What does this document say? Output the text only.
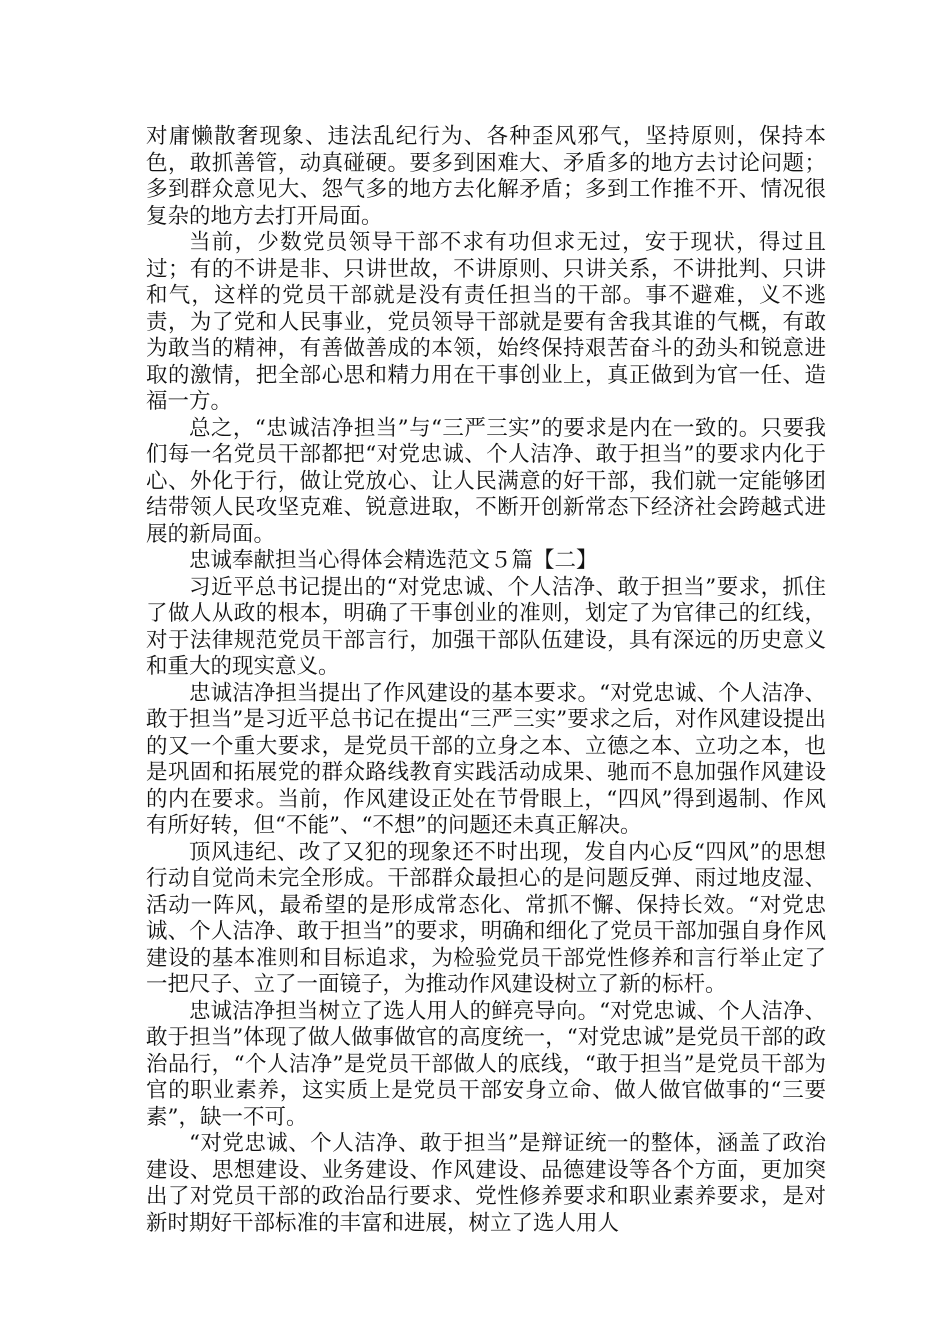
对庸懒散奢现象、违法乱纪行为、各种歪风邪气，坚持原则，保持本色，敢抓善管，动真碰硬。要多到困难大、矛盾多的地方去讨论问题；多到群众意见大、怨气多的地方去化解矛盾；多到工作推不开、情况很复杂的地方去打开局面。

当前，少数党员领导干部不求有功但求无过，安于现状，得过且过；有的不讲是非、只讲世故，不讲原则、只讲关系，不讲批判、只讲和气，这样的党员干部就是没有责任担当的干部。事不避难，义不逃责，为了党和人民事业，党员领导干部就是要有舍我其谁的气概，有敢为敢当的精神，有善做善成的本领，始终保持艰苦奋斗的劲头和锐意进取的激情，把全部心思和精力用在干事创业上，真正做到为官一任、造福一方。

总之，“忠诚洁净担当”与“三严三实”的要求是内在一致的。只要我们每一名党员干部都把“对党忠诚、个人洁净、敢于担当”的要求内化于心、外化于行，做让党放心、让人民满意的好干部，我们就一定能够团结带领人民攻坚克难、锐意进取，不断开创新常态下经济社会跨越式进展的新局面。

忠诚奉献担当心得体会精选范文５篇【二】

习近平总书记提出的“对党忠诚、个人洁净、敢于担当”要求，抓住了做人从政的根本，明确了干事创业的准则，划定了为官律己的红线，对于法律规范党员干部言行，加强干部队伍建设，具有深远的历史意义和重大的现实意义。

忠诚洁净担当提出了作风建设的基本要求。“对党忠诚、个人洁净、敢于担当”是习近平总书记在提出“三严三实”要求之后，对作风建设提出的又一个重大要求，是党员干部的立身之本、立德之本、立功之本，也是巩固和拓展党的群众路线教育实践活动成果、驰而不息加强作风建设的内在要求。当前，作风建设正处在节骨眼上，“四风”得到遏制、作风有所好转，但“不能”、“不想”的问题还未真正解决。

顶风违纪、改了又犯的现象还不时出现，发自内心反“四风”的思想行动自觉尚未完全形成。干部群众最担心的是问题反弹、雨过地皮湿、活动一阵风，最希望的是形成常态化、常抓不懈、保持长效。“对党忠诚、个人洁净、敢于担当”的要求，明确和细化了党员干部加强自身作风建设的基本准则和目标追求，为检验党员干部党性修养和言行举止定了一把尺子、立了一面镜子，为推动作风建设树立了新的标杆。

忠诚洁净担当树立了选人用人的鲜亮导向。“对党忠诚、个人洁净、敢于担当”体现了做人做事做官的高度统一，“对党忠诚”是党员干部的政治品行，“个人洁净”是党员干部做人的底线，“敢于担当”是党员干部为官的职业素养，这实质上是党员干部安身立命、做人做官做事的“三要素”，缺一不可。

“对党忠诚、个人洁净、敢于担当”是辩证统一的整体，涵盖了政治建设、思想建设、业务建设、作风建设、品德建设等各个方面，更加突出了对党员干部的政治品行要求、党性修养要求和职业素养要求，是对新时期好干部标准的丰富和进展，树立了选人用人
